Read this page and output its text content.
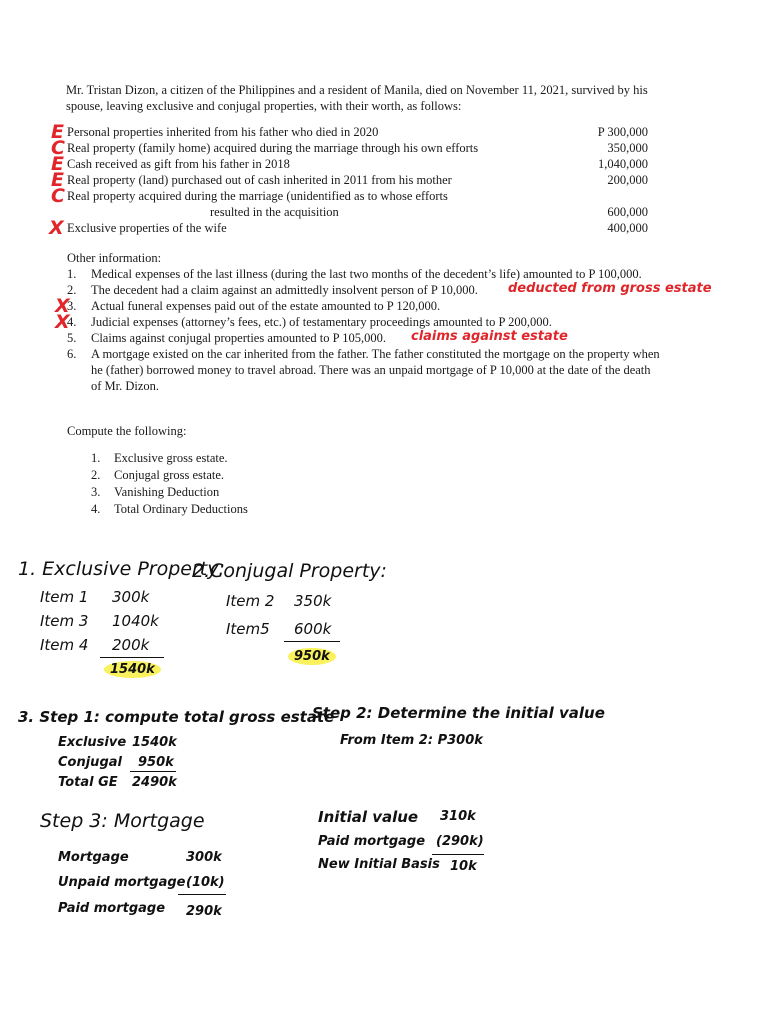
Mr. Tristan Dizon, a citizen of the Philippines and a resident of Manila, died on November 11, 2021, survived by his
spouse, leaving exclusive and conjugal properties, with their worth, as follows:
E Personal properties inherited from his father who died in 2020	P 300,000
C Real property (family home) acquired during the marriage through his own efforts	350,000
E Cash received as gift from his father in 2018	1,040,000
E Real property (land) purchased out of cash inherited in 2011 from his mother	200,000
C Real property acquired during the marriage (unidentified as to whose efforts
resulted in the acquisition	600,000
X Exclusive properties of the wife	400,000
Other information:
1. Medical expenses of the last illness (during the last two months of the decedent’s life) amounted to P 100,000.
2. The decedent had a claim against an admittedly insolvent person of P 10,000. deducted from gross estate
X
3. Actual funeral expenses paid out of the estate amounted to P 120,000.
X
4. Judicial expenses (attorney’s fees, etc.) of testamentary proceedings amounted to P 200,000.
5. Claims against conjugal properties amounted to P 105,000. claims against estate
6. A mortgage existed on the car inherited from the father. The father constituted the mortgage on the property when
he (father) borrowed money to travel abroad. There was an unpaid mortgage of P 10,000 at the date of the death
of Mr. Dizon.
Compute the following:
1. Exclusive gross estate.
2. Conjugal gross estate.
3. Vanishing Deduction
4. Total Ordinary Deductions
1. Exclusive Property:
Item 1 300k
Item 3 1040k
Item 4 200k
1540k
2.Conjugal Property:
Item 2 350k
Item5 600k
950k
3. Step 1: compute total gross estate
Exclusive 1540k
Conjugal 950k
Total GE 2490k
Step 2: Determine the initial value
From Item 2: P300k
Step 3: Mortgage
Mortgage	300k
Unpaid mortgage (10k)
Paid mortgage 290k
Initial value 310k
Paid mortgage (290k)
New Initial Basis 10k
